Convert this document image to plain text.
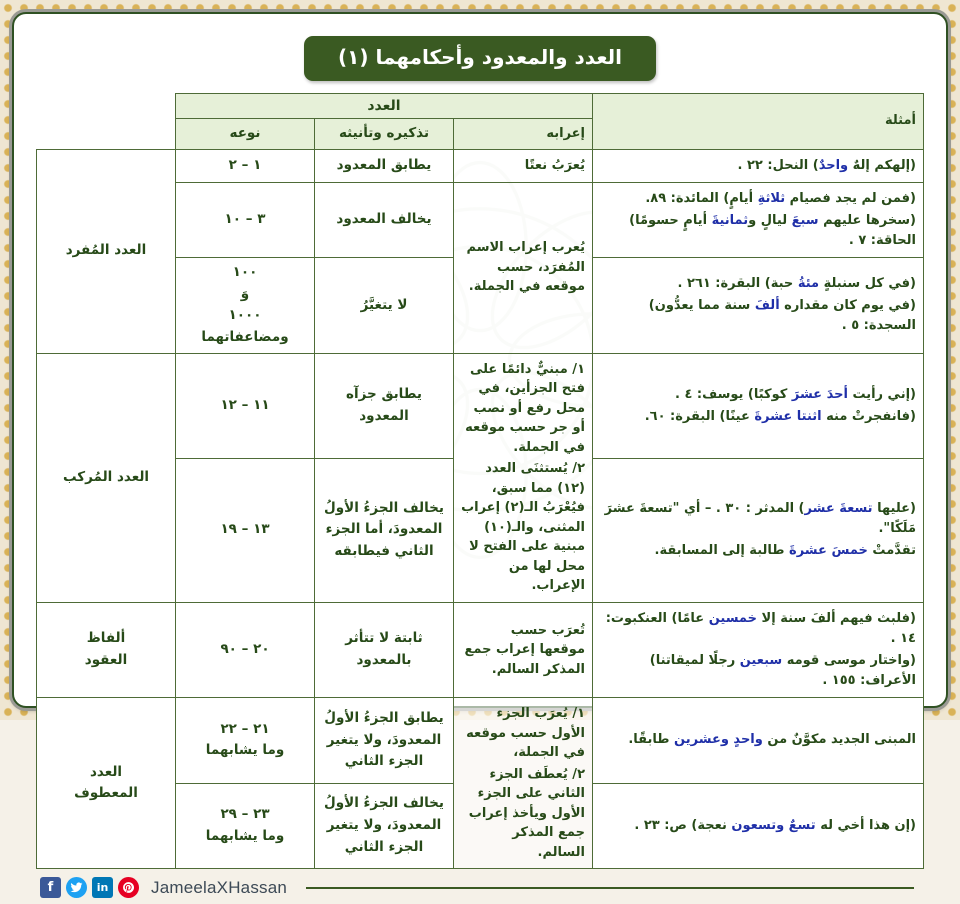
العدد والمعدود وأحكامهما (١)
أمثلة	العدد			
	إعرابه	تذكيره وتأنيثه	نوعه	

(إلهكم إلهٌ واحدٌ) النحل: ٢٢ .	يُعرَبُ نعتًا	يطابق المعدود	١ – ٢	العدد المُفرد

(فمن لم يجد فصيام ثلاثةِ أيامٍ) المائدة: ٨٩.
(سخرها عليهم سبعَ ليالٍ وثمانيةَ أيامٍ حسومًا) الحاقة: ٧ .	يُعرب إعراب الاسم المُفرَد، حسب موقعه في الجملة.	يخالف المعدود	٣ – ١٠	

(في كل سنبلةٍ مئةُ حبة) البقرة: ٢٦١ .
(في يوم كان مقداره ألفَ سنة مما يعدُّون) السجدة: ٥ .		لا يتغيَّرُ	١٠٠
وَ
١٠٠٠
ومضاعفاتهما	

(إني رأيت أحدَ عشرَ كوكبًا) يوسف: ٤ .
(فانفجرتْ منه اثنتا عشرةَ عينًا) البقرة: ٦٠.	١/ مبنيٌّ دائمًا على فتح الجزأين، في محل رفع أو نصب أو جر حسب موقعه في الجملة.
٢/ يُستثنَى العدد (١٢) مما سبق، فيُعْرَبُ الـ(٢) إعراب المثنى، والـ(١٠) مبنية على الفتح لا محل لها من الإعراب.	يطابق جزآه المعدود	١١ – ١٢	العدد المُركب

(عليها تسعةَ عشر) المدثر : ٣٠ . – أي "تسعةَ عشرَ مَلَكًا".
تقدَّمتْ خمسَ عشرةَ طالبة إلى المسابقة.		يخالف الجزءُ الأولُ المعدودَ، أما الجزء الثاني فيطابقه	١٣ – ١٩	

(فلبث فيهم ألفَ سنة إلا خمسين عامًا) العنكبوت: ١٤ .
(واختار موسى قومه سبعين رجلًا لميقاتنا) الأعراف: ١٥٥ .	تُعرَب حسب موقعها إعراب جمع المذكر السالم.	ثابتة لا تتأثر بالمعدود	٢٠ – ٩٠	ألفاظ
العقود

المبنى الجديد مكوَّنٌ من واحدٍ وعشرين طابقًا.	١/ يُعرَب الجزء الأول حسب موقعه في الجملة،
٢/ يُعطَف الجزء الثاني على الجزء الأول ويأخذ إعراب جمع المذكر السالم.	يطابق الجزءُ الأولُ المعدودَ، ولا يتغير الجزء الثاني	٢١ – ٢٢
وما يشابهما	العدد
المعطوف

(إن هذا أخي له تسعٌ وتسعون نعجة) ص: ٢٣ .		يخالف الجزءُ الأولُ المعدودَ، ولا يتغير الجزء الثاني	٢٣ – ٢٩
وما يشابهما	
f	in	JameelaXHassan
